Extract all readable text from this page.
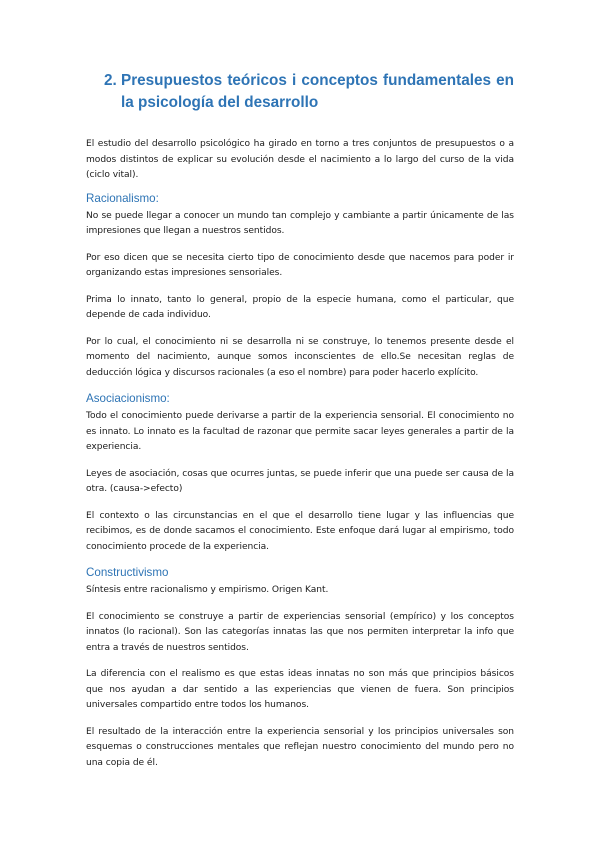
2. Presupuestos teóricos i conceptos fundamentales en la psicología del desarrollo

El estudio del desarrollo psicológico ha girado en torno a tres conjuntos de presupuestos o a modos distintos de explicar su evolución desde el nacimiento a lo largo del curso de la vida (ciclo vital).

Racionalismo:

No se puede llegar a conocer un mundo tan complejo y cambiante a partir únicamente de las impresiones que llegan a nuestros sentidos.

Por eso dicen que se necesita cierto tipo de conocimiento desde que nacemos para poder ir organizando estas impresiones sensoriales.

Prima lo innato, tanto lo general, propio de la especie humana, como el particular, que depende de cada individuo.

Por lo cual, el conocimiento ni se desarrolla ni se construye, lo tenemos presente desde el momento del nacimiento, aunque somos inconscientes de ello.Se necesitan reglas de deducción lógica y discursos racionales (a eso el nombre) para poder hacerlo explícito.

Asociacionismo:

Todo el conocimiento puede derivarse a partir de la experiencia sensorial. El conocimiento no es innato. Lo innato es la facultad de razonar que permite sacar leyes generales a partir de la experiencia.

Leyes de asociación, cosas que ocurres juntas, se puede inferir que una puede ser causa de la otra. (causa->efecto)

El contexto o las circunstancias en el que el desarrollo tiene lugar y las influencias que recibimos, es de donde sacamos el conocimiento. Este enfoque dará lugar al empirismo, todo conocimiento procede de la experiencia.

Constructivismo

Síntesis entre racionalismo y empirismo. Origen Kant.

El conocimiento se construye a partir de experiencias sensorial (empírico) y los conceptos innatos (lo racional). Son las categorías innatas las que nos permiten interpretar la info que entra a través de nuestros sentidos.

La diferencia con el realismo es que estas ideas innatas no son más que principios básicos que nos ayudan a dar sentido a las experiencias que vienen de fuera. Son principios universales compartido entre todos los humanos.

El resultado de la interacción entre la experiencia sensorial y los principios universales son esquemas o construcciones mentales que reflejan nuestro conocimiento del mundo pero no una copia de él.
